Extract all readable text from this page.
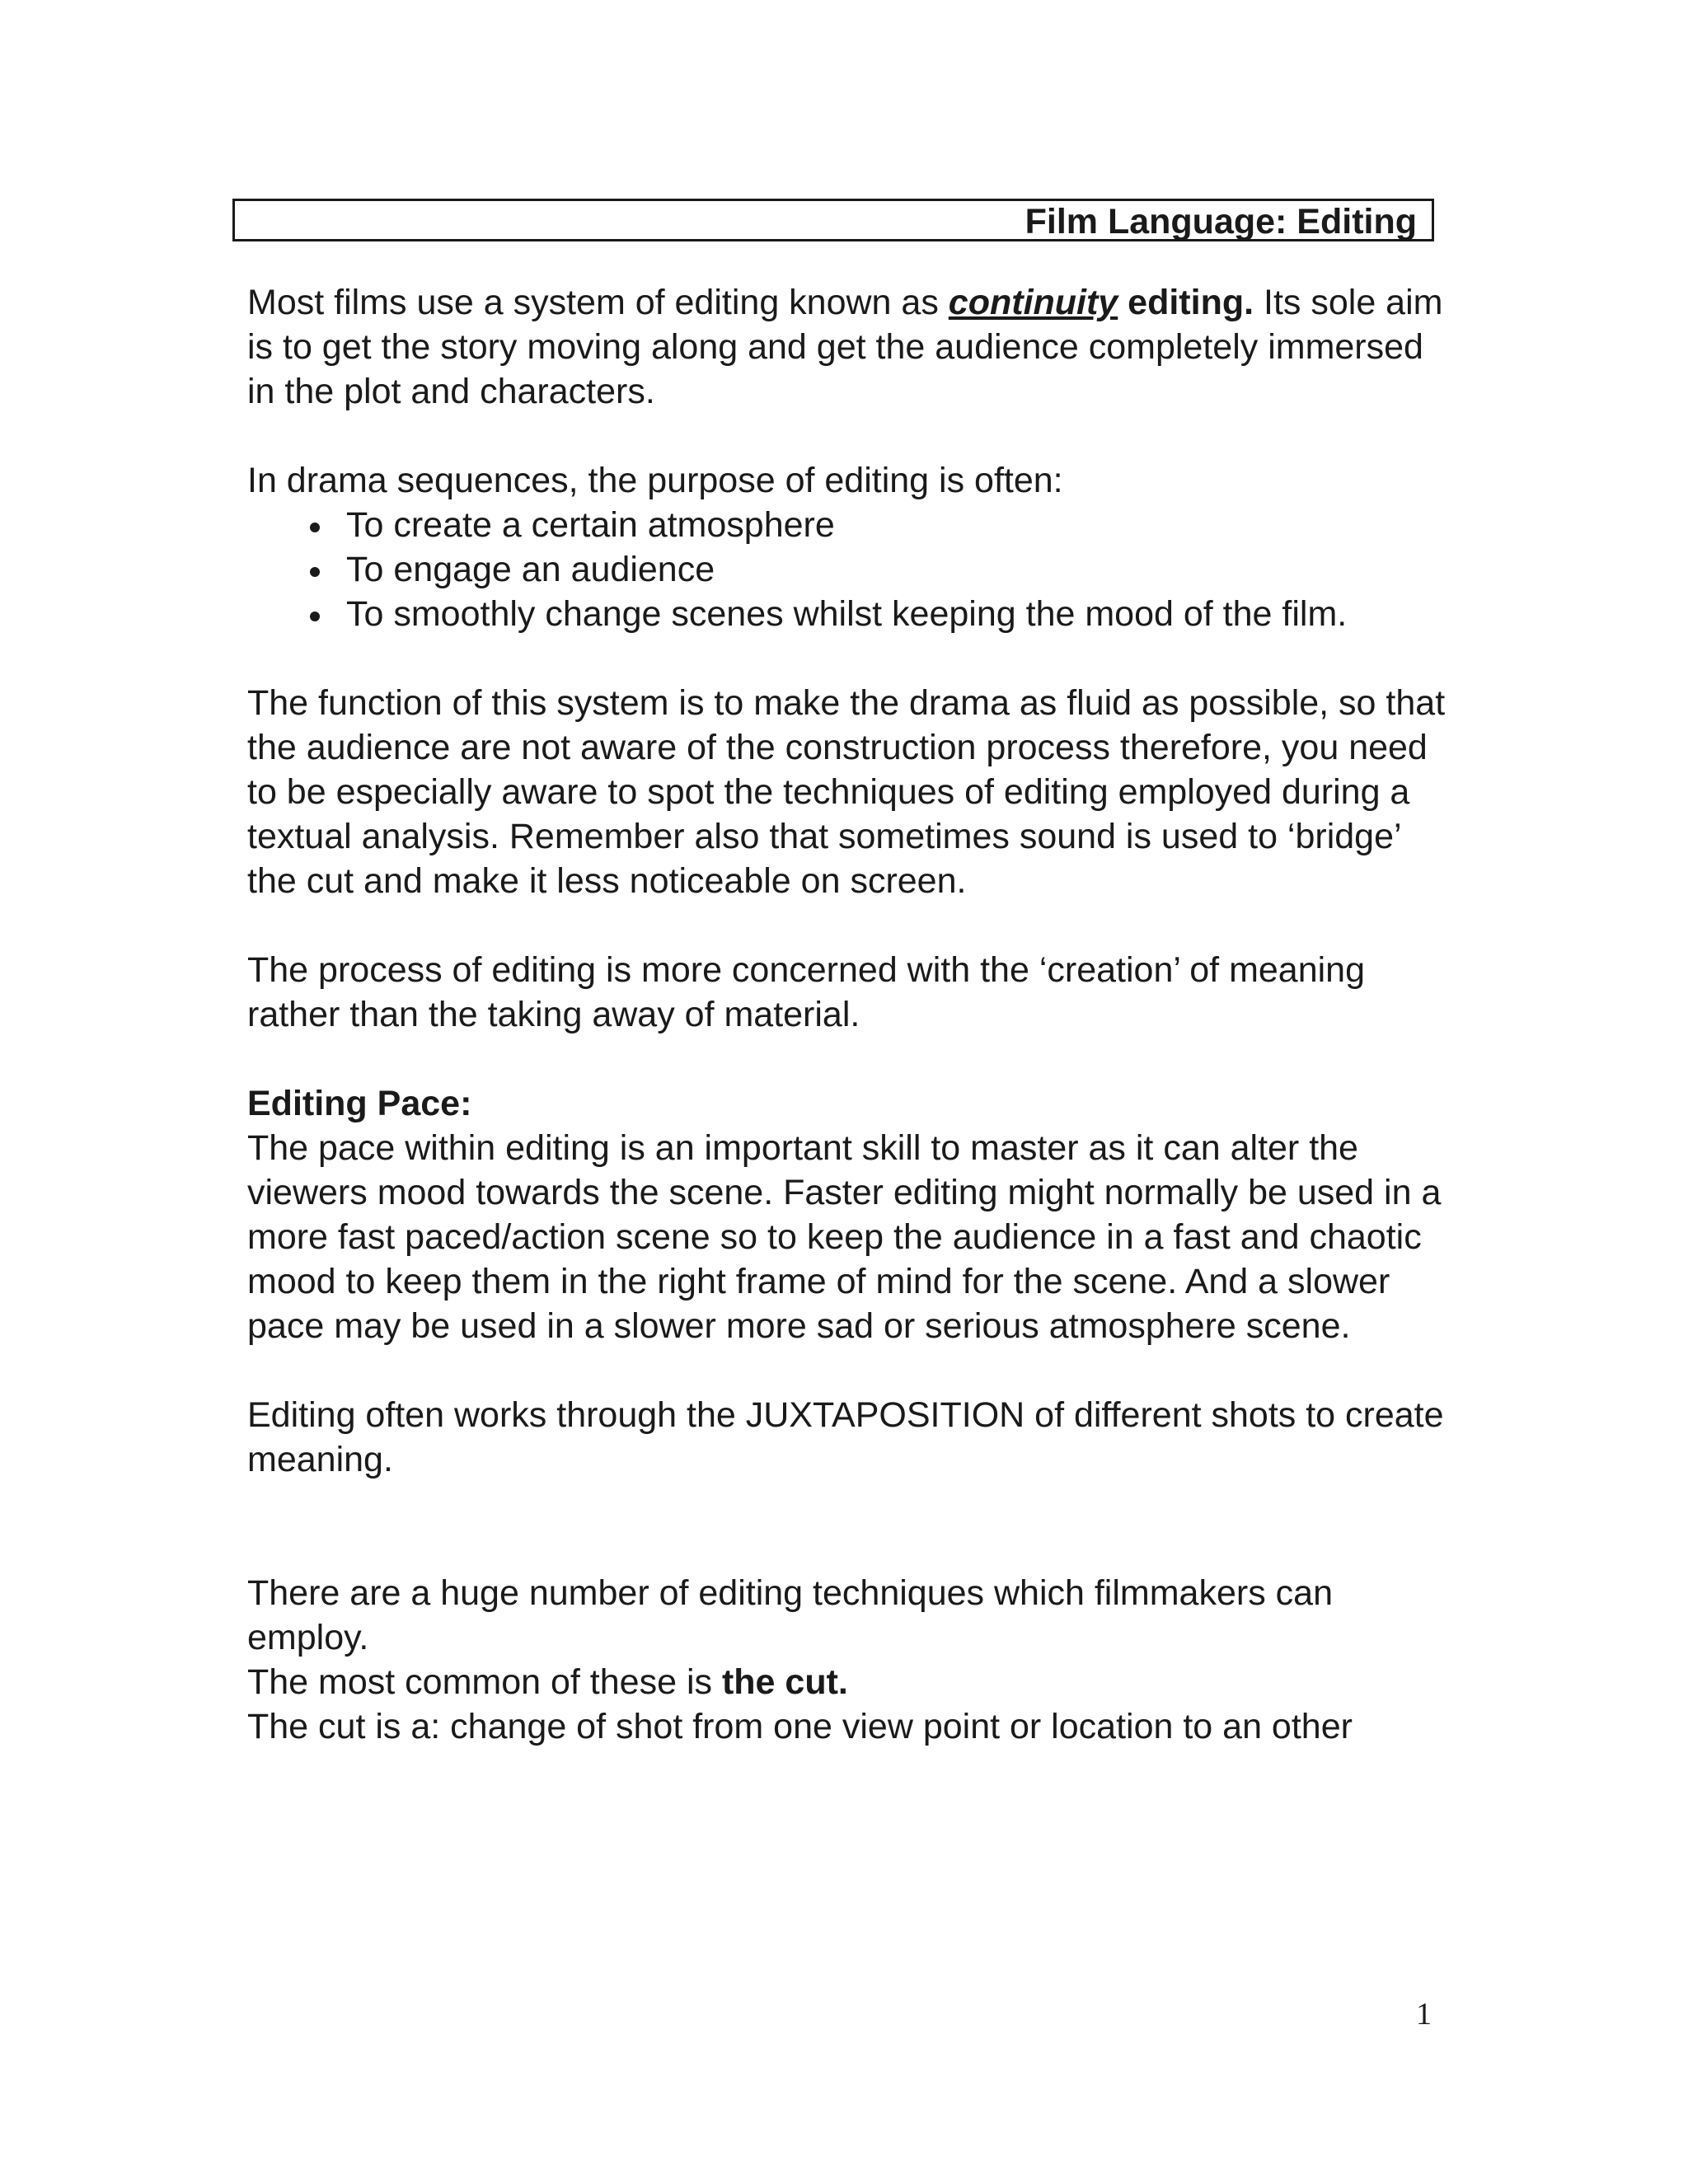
Film Language: Editing

Most films use a system of editing known as continuity editing. Its sole aim is to get the story moving along and get the audience completely immersed in the plot and characters.

In drama sequences, the purpose of editing is often:

To create a certain atmosphere
To engage an audience
To smoothly change scenes whilst keeping the mood of the film.

The function of this system is to make the drama as fluid as possible, so that the audience are not aware of the construction process therefore, you need to be especially aware to spot the techniques of editing employed during a textual analysis. Remember also that sometimes sound is used to ‘bridge’ the cut and make it less noticeable on screen.

The process of editing is more concerned with the ‘creation’ of meaning rather than the taking away of material.

Editing Pace:

The pace within editing is an important skill to master as it can alter the viewers mood towards the scene. Faster editing might normally be used in a more fast paced/action scene so to keep the audience in a fast and chaotic mood to keep them in the right frame of mind for the scene. And a slower pace may be used in a slower more sad or serious atmosphere scene.

Editing often works through the JUXTAPOSITION of different shots to create meaning.

There are a huge number of editing techniques which filmmakers can employ.

The most common of these is the cut.

The cut is a: change of shot from one view point or location to an other

1
